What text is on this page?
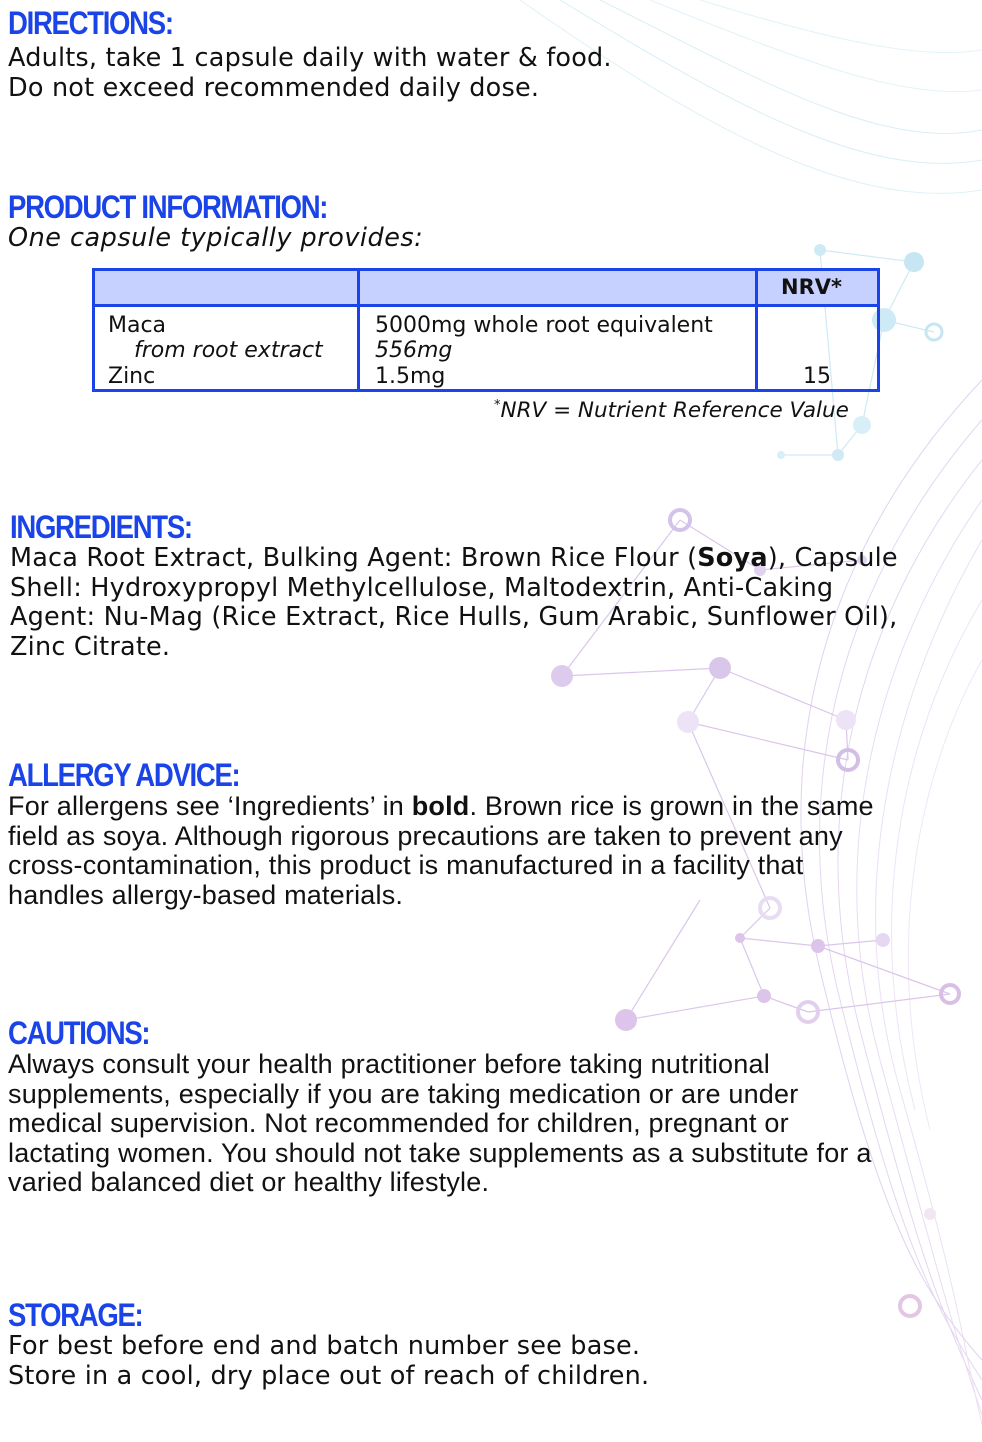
DIRECTIONS:
Adults, take 1 capsule daily with water & food.
Do not exceed recommended daily dose.
PRODUCT INFORMATION:
One capsule typically provides:
NRV*
Maca
from root extract
Zinc
5000mg whole root equivalent
556mg
1.5mg	15
*NRV = Nutrient Reference Value
INGREDIENTS:
Maca Root Extract, Bulking Agent: Brown Rice Flour (Soya), Capsule
Shell: Hydroxypropyl Methylcellulose, Maltodextrin, Anti-Caking
Agent: Nu-Mag (Rice Extract, Rice Hulls, Gum Arabic, Sunflower Oil),
Zinc Citrate.
ALLERGY ADVICE:
For allergens see ‘Ingredients’ in bold. Brown rice is grown in the same
field as soya. Although rigorous precautions are taken to prevent any
cross-contamination, this product is manufactured in a facility that
handles allergy-based materials.
CAUTIONS:
Always consult your health practitioner before taking nutritional
supplements, especially if you are taking medication or are under
medical supervision. Not recommended for children, pregnant or
lactating women. You should not take supplements as a substitute for a
varied balanced diet or healthy lifestyle.
STORAGE:
For best before end and batch number see base.
Store in a cool, dry place out of reach of children.
